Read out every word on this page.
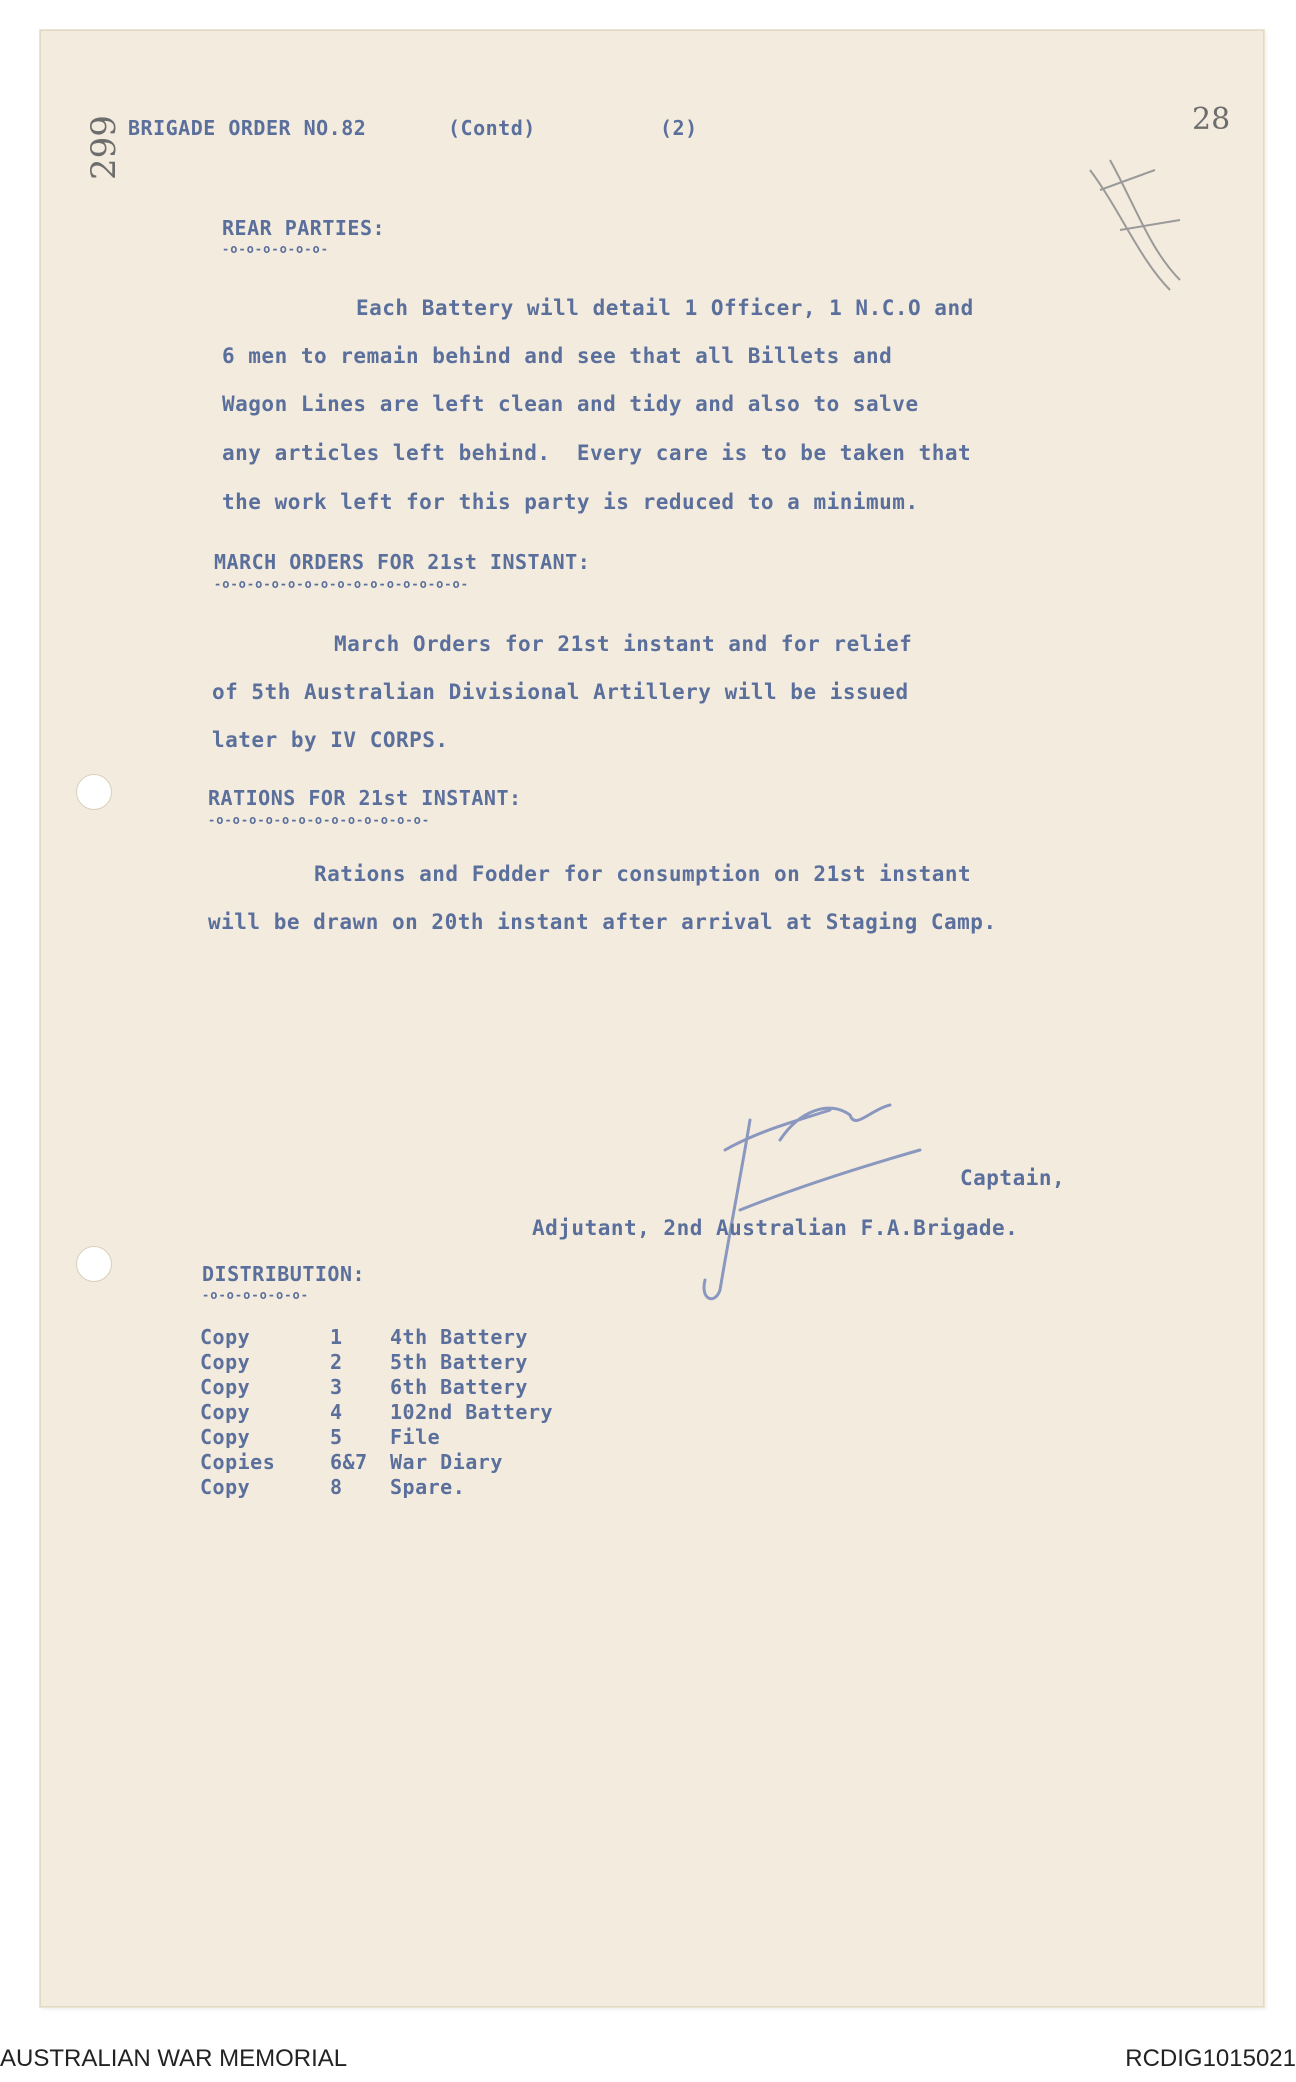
BRIGADE ORDER NO.82	(Contd)	(2)	28
299
REAR PARTIES:
-o-o-o-o-o-o-
Each Battery will detail 1 Officer, 1 N.C.O and
6 men to remain behind and see that all Billets and
Wagon Lines are left clean and tidy and also to salve
any articles left behind.  Every care is to be taken that
the work left for this party is reduced to a minimum.
MARCH ORDERS FOR 21st INSTANT:
-o-o-o-o-o-o-o-o-o-o-o-o-o-o-o-
March Orders for 21st instant and for relief
of 5th Australian Divisional Artillery will be issued
later by IV CORPS.
RATIONS FOR 21st INSTANT:
-o-o-o-o-o-o-o-o-o-o-o-o-o-
Rations and Fodder for consumption on 21st instant
will be drawn on 20th instant after arrival at Staging Camp.
Captain,
Adjutant, 2nd Australian F.A.Brigade.
DISTRIBUTION:
-o-o-o-o-o-o-
Copy	1	4th Battery
Copy	2	5th Battery
Copy	3	6th Battery
Copy	4	102nd Battery
Copy	5	File
Copies	6&7	War Diary
Copy	8	Spare.
AUSTRALIAN WAR MEMORIAL	RCDIG1015021
